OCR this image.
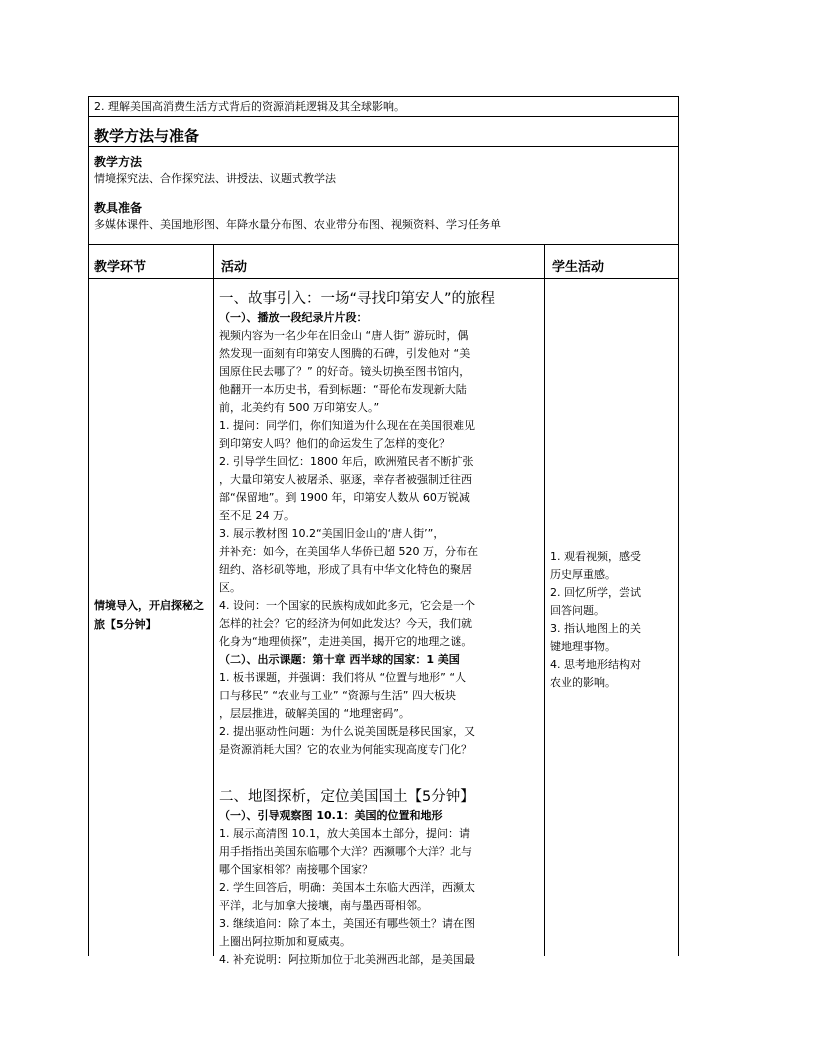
2. 理解美国高消费生活方式背后的资源消耗逻辑及其全球影响。
教学方法与准备
教学方法
情境探究法、合作探究法、讲授法、议题式教学法
教具准备
多媒体课件、美国地形图、年降水量分布图、农业带分布图、视频资料、学习任务单
教学环节	活动	学生活动
情境导入，开启探秘之旅【5分钟】
一、故事引入：一场“寻找印第安人”的旅程

（一）、播放一段纪录片片段：

视频内容为一名少年在旧金山 “唐人街” 游玩时，偶

然发现一面刻有印第安人图腾的石碑，引发他对 “美

国原住民去哪了？” 的好奇。镜头切换至图书馆内，

他翻开一本历史书，看到标题：“哥伦布发现新大陆

前，北美约有 500 万印第安人。”

1. 提问：同学们，你们知道为什么现在在美国很难见

到印第安人吗？他们的命运发生了怎样的变化？

2. 引导学生回忆：1800 年后，欧洲殖民者不断扩张

，大量印第安人被屠杀、驱逐，幸存者被强制迁往西

部“保留地”。到 1900 年，印第安人数从 60万锐减

至不足 24 万。

3. 展示教材图 10.2“美国旧金山的‘唐人街’”，

并补充：如今，在美国华人华侨已超 520 万，分布在

纽约、洛杉矶等地，形成了具有中华文化特色的聚居

区。

4. 设问：一个国家的民族构成如此多元，它会是一个

怎样的社会？它的经济为何如此发达？今天，我们就

化身为“地理侦探”，走进美国，揭开它的地理之谜。

（二）、出示课题：第十章 西半球的国家：1 美国

1. 板书课题，并强调：我们将从 “位置与地形” “人

口与移民” “农业与工业” “资源与生活” 四大板块

，层层推进，破解美国的 “地理密码”。

2. 提出驱动性问题：为什么说美国既是移民国家，又

是资源消耗大国？它的农业为何能实现高度专门化？

二、地图探析，定位美国国土【5分钟】

（一）、引导观察图 10.1：美国的位置和地形

1. 展示高清图 10.1，放大美国本土部分，提问：请

用手指指出美国东临哪个大洋？西濒哪个大洋？北与

哪个国家相邻？南接哪个国家？

2. 学生回答后，明确：美国本土东临大西洋，西濒太

平洋，北与加拿大接壤，南与墨西哥相邻。

3. 继续追问：除了本土，美国还有哪些领土？请在图

上圈出阿拉斯加和夏威夷。

4. 补充说明：阿拉斯加位于北美洲西北部，是美国最

1. 观看视频，感受

历史厚重感。

2. 回忆所学，尝试

回答问题。

3. 指认地图上的关

键地理事物。

4. 思考地形结构对

农业的影响。
